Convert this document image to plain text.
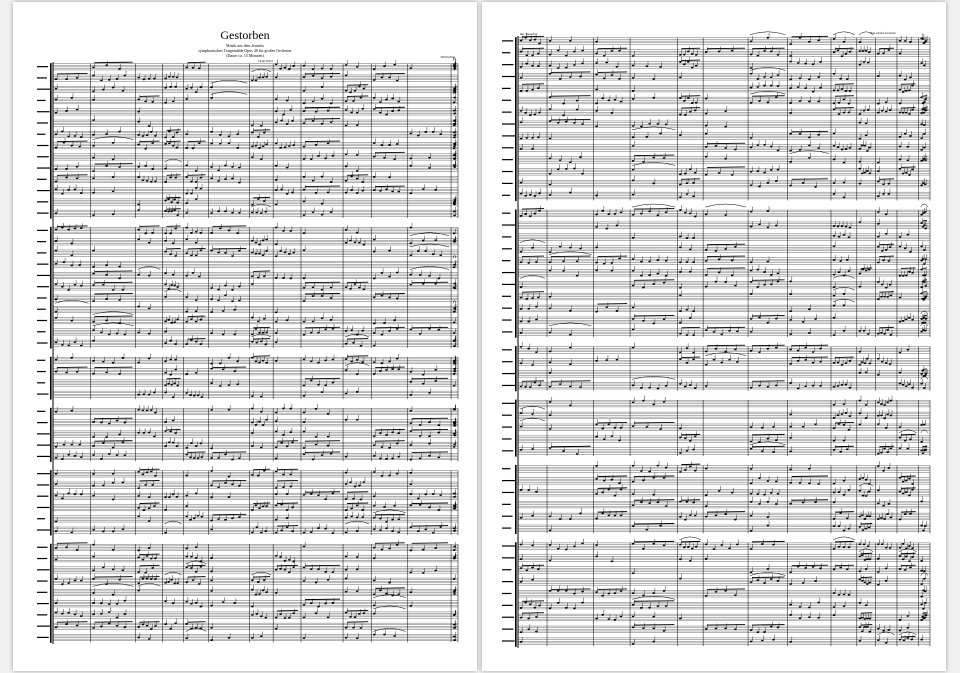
Gestorben
Musik aus dem Jenseits
symphonisches Tongemälde Opus 48 für großes Orchester
(Dauer ca. 15 Minuten)	Willi Irrling
Tiefer Wind
Der Trauerflor	Nun schlief das Kind
